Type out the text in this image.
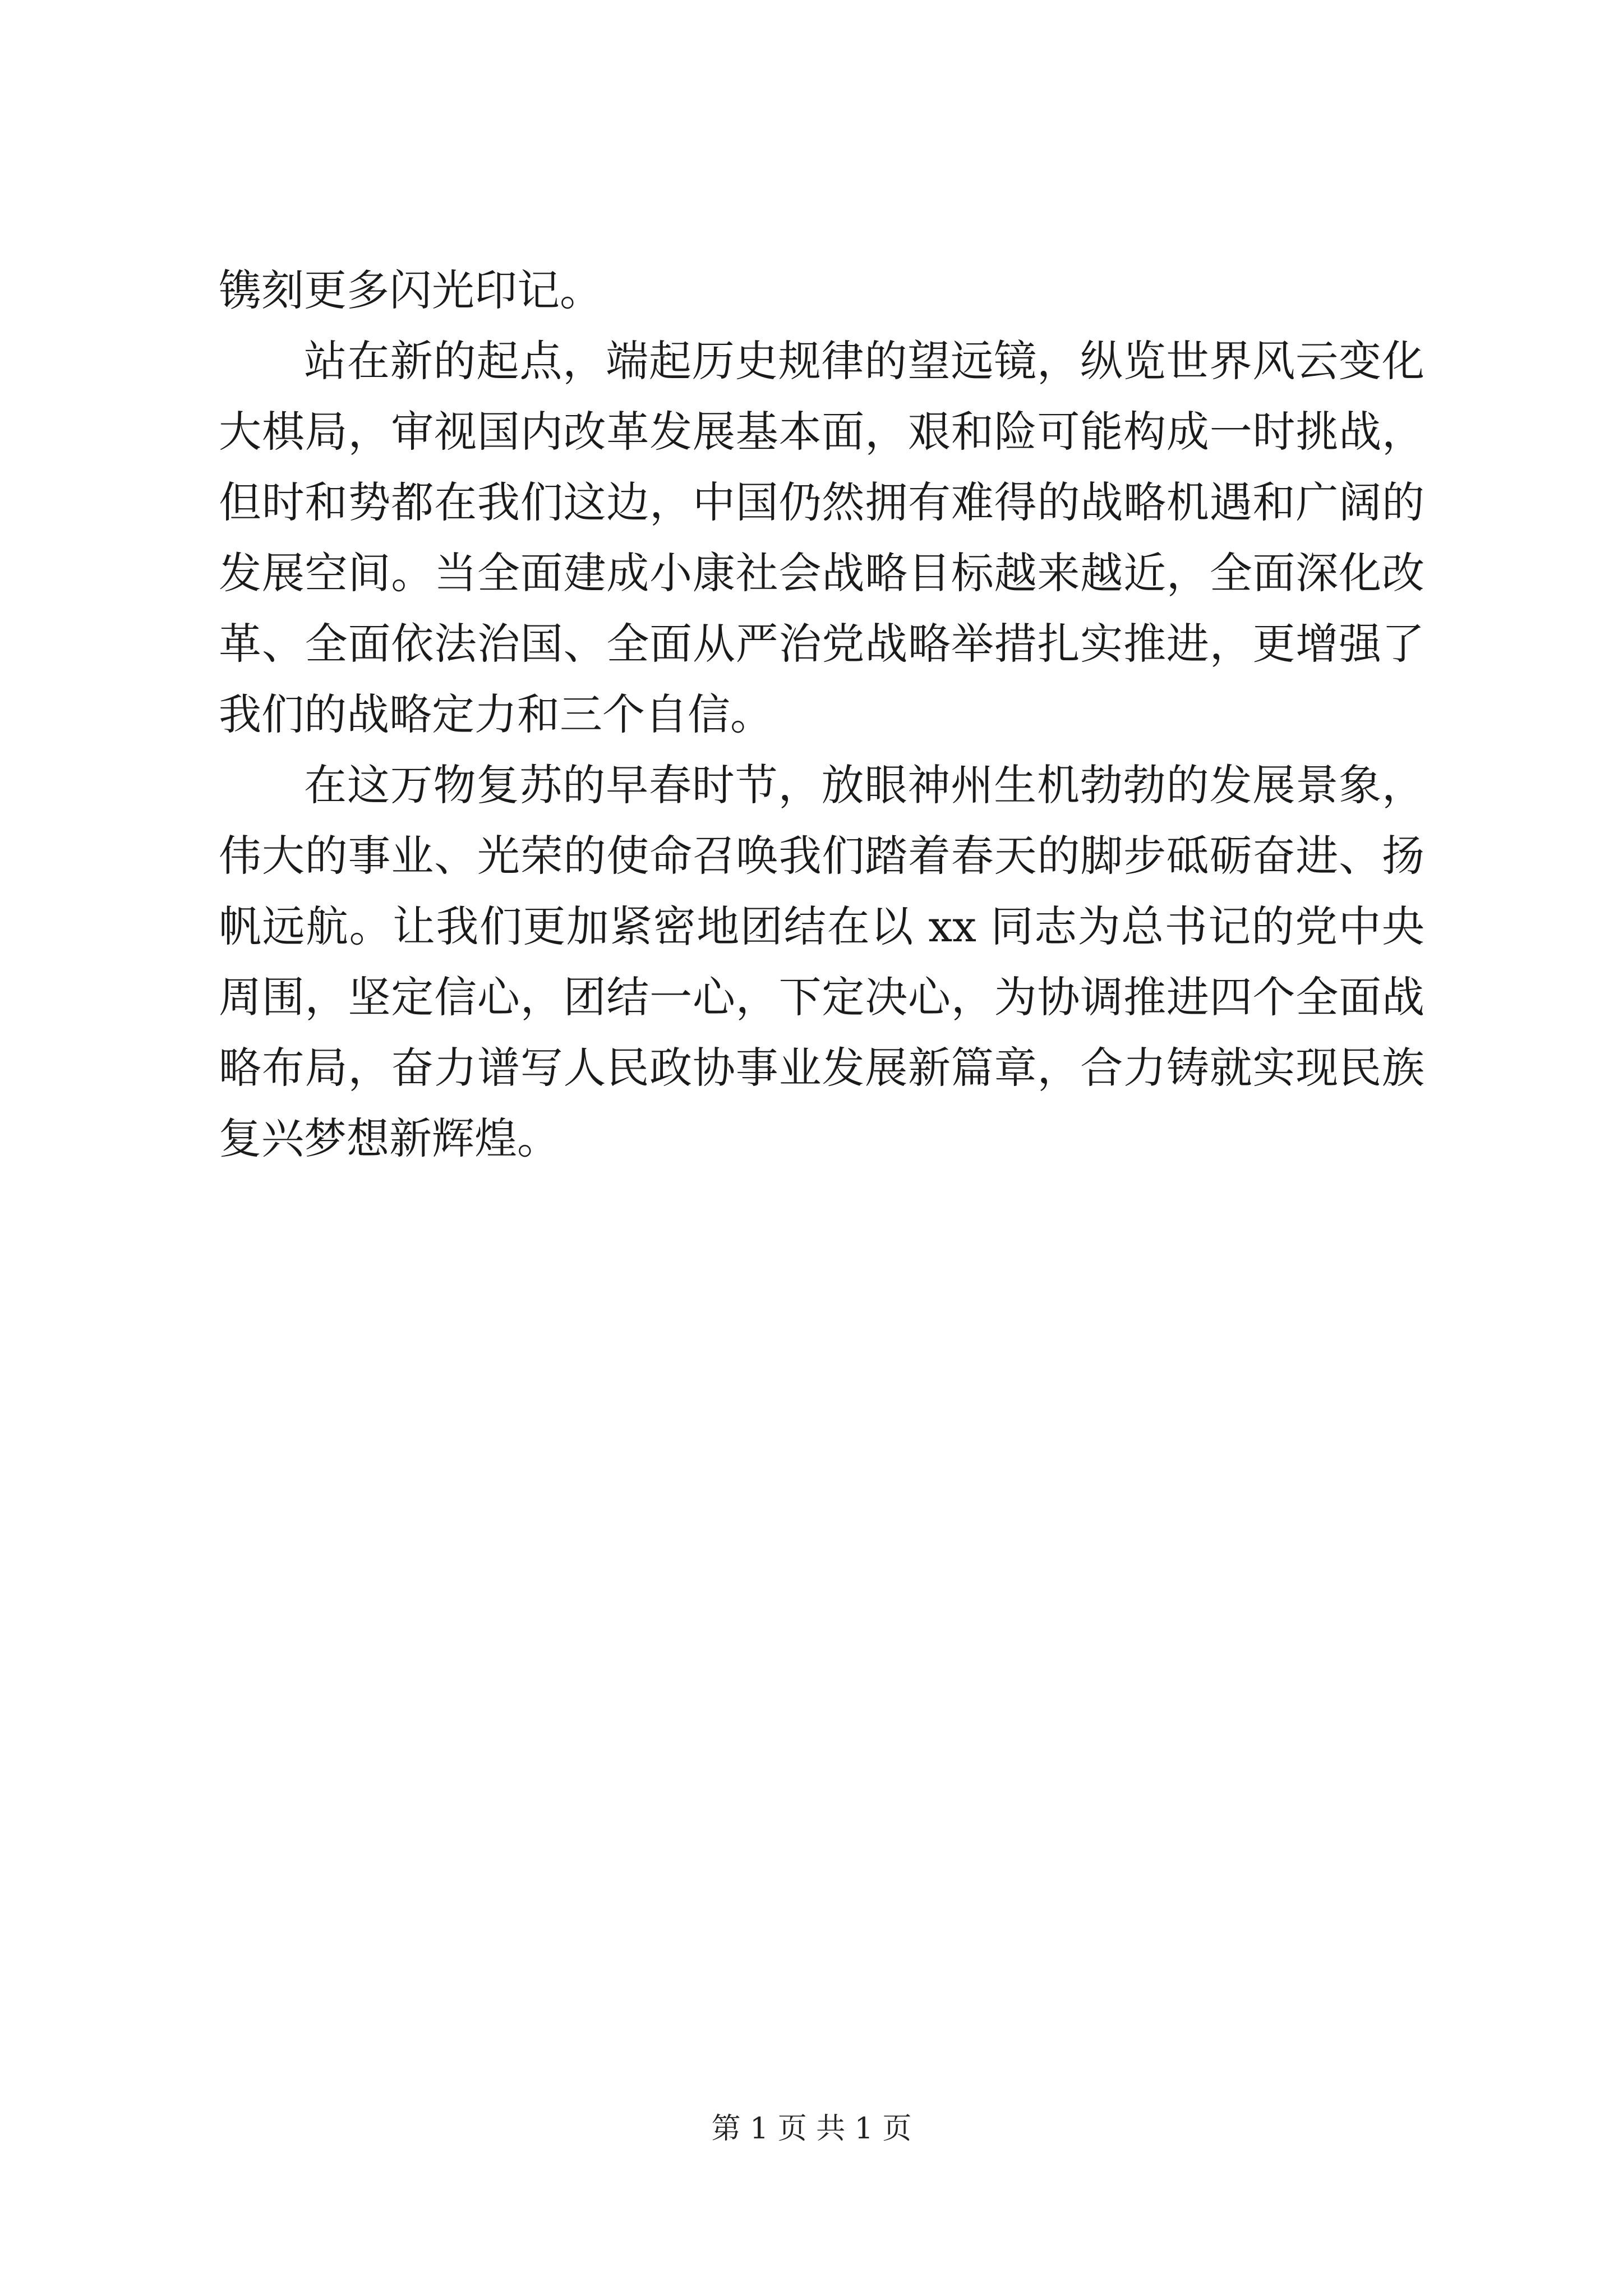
镌刻更多闪光印记。
站在新的起点，端起历史规律的望远镜，纵览世界风云变化
大棋局，审视国内改革发展基本面，艰和险可能构成一时挑战，
但时和势都在我们这边，中国仍然拥有难得的战略机遇和广阔的
发展空间。当全面建成小康社会战略目标越来越近，全面深化改
革、全面依法治国、全面从严治党战略举措扎实推进，更增强了
我们的战略定力和三个自信。
在这万物复苏的早春时节，放眼神州生机勃勃的发展景象，
伟大的事业、光荣的使命召唤我们踏着春天的脚步砥砺奋进、扬
帆远航。让我们更加紧密地团结在以 xx 同志为总书记的党中央
周围，坚定信心，团结一心，下定决心，为协调推进四个全面战
略布局，奋力谱写人民政协事业发展新篇章，合力铸就实现民族
复兴梦想新辉煌。
第 1 页 共 1 页
